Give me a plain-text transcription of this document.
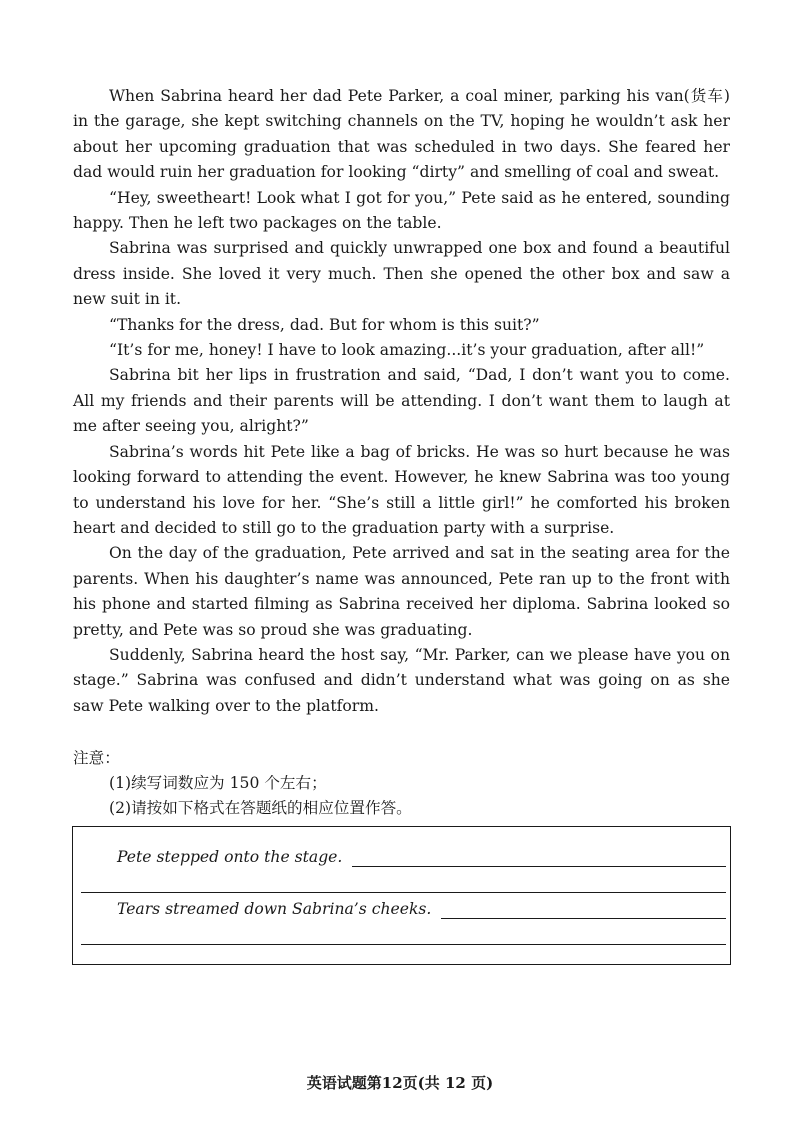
When Sabrina heard her dad Pete Parker, a coal miner, parking his van(货车) in the garage, she kept switching channels on the TV, hoping he wouldn’t ask her about her upcoming graduation that was scheduled in two days. She feared her dad would ruin her graduation for looking “dirty” and smelling of coal and sweat.

“Hey, sweetheart! Look what I got for you,” Pete said as he entered, sounding happy. Then he left two packages on the table.

Sabrina was surprised and quickly unwrapped one box and found a beautiful dress inside. She loved it very much. Then she opened the other box and saw a new suit in it.

“Thanks for the dress, dad. But for whom is this suit?”

“It’s for me, honey! I have to look amazing...it’s your graduation, after all!”

Sabrina bit her lips in frustration and said, “Dad, I don’t want you to come. All my friends and their parents will be attending. I don’t want them to laugh at me after seeing you, alright?”

Sabrina’s words hit Pete like a bag of bricks. He was so hurt because he was looking forward to attending the event. However, he knew Sabrina was too young to understand his love for her. “She’s still a little girl!” he comforted his broken heart and decided to still go to the graduation party with a surprise.

On the day of the graduation, Pete arrived and sat in the seating area for the parents. When his daughter’s name was announced, Pete ran up to the front with his phone and started filming as Sabrina received her diploma. Sabrina looked so pretty, and Pete was so proud she was graduating.

Suddenly, Sabrina heard the host say, “Mr. Parker, can we please have you on stage.” Sabrina was confused and didn’t understand what was going on as she saw Pete walking over to the platform.

注意：

(1)续写词数应为 150 个左右；

(2)请按如下格式在答题纸的相应位置作答。

Pete stepped onto the stage.
Tears streamed down Sabrina’s cheeks.
英语试题第12页(共 12 页)
